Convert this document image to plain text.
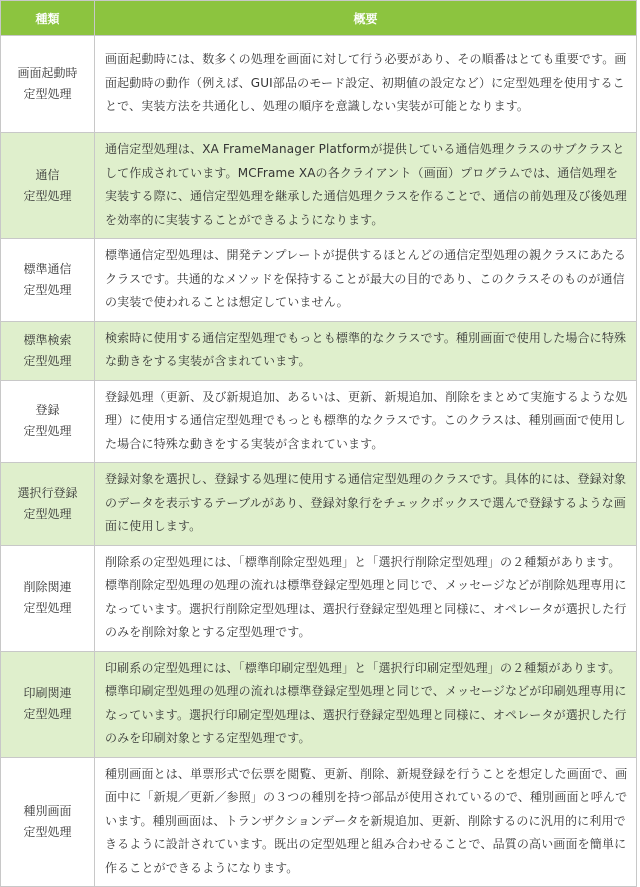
種類	概要
画面起動時
定型処理	画面起動時には、数多くの処理を画面に対して行う必要があり、その順番はとても重要です。画面起動時の動作（例えば、GUI部品のモード設定、初期値の設定など）に定型処理を使用することで、実装方法を共通化し、処理の順序を意識しない実装が可能となります。
通信
定型処理	通信定型処理は、XA FrameManager Platformが提供している通信処理クラスのサブクラスとして作成されています。MCFrame XAの各クライアント（画面）プログラムでは、通信処理を実装する際に、通信定型処理を継承した通信処理クラスを作ることで、通信の前処理及び後処理を効率的に実装することができるようになります。
標準通信
定型処理	標準通信定型処理は、開発テンプレートが提供するほとんどの通信定型処理の親クラスにあたるクラスです。共通的なメソッドを保持することが最大の目的であり、このクラスそのものが通信の実装で使われることは想定していません。
標準検索
定型処理	検索時に使用する通信定型処理でもっとも標準的なクラスです。種別画面で使用した場合に特殊な動きをする実装が含まれています。
登録
定型処理	登録処理（更新、及び新規追加、あるいは、更新、新規追加、削除をまとめて実施するような処理）に使用する通信定型処理でもっとも標準的なクラスです。このクラスは、種別画面で使用した場合に特殊な動きをする実装が含まれています。
選択行登録
定型処理	登録対象を選択し、登録する処理に使用する通信定型処理のクラスです。具体的には、登録対象のデータを表示するテーブルがあり、登録対象行をチェックボックスで選んで登録するような画面に使用します。
削除関連
定型処理	削除系の定型処理には、「標準削除定型処理」と「選択行削除定型処理」の２種類があります。標準削除定型処理の処理の流れは標準登録定型処理と同じで、メッセージなどが削除処理専用になっています。選択行削除定型処理は、選択行登録定型処理と同様に、オペレータが選択した行のみを削除対象とする定型処理です。
印刷関連
定型処理	印刷系の定型処理には、「標準印刷定型処理」と「選択行印刷定型処理」の２種類があります。標準印刷定型処理の処理の流れは標準登録定型処理と同じで、メッセージなどが印刷処理専用になっています。選択行印刷定型処理は、選択行登録定型処理と同様に、オペレータが選択した行のみを印刷対象とする定型処理です。
種別画面
定型処理	種別画面とは、単票形式で伝票を閲覧、更新、削除、新規登録を行うことを想定した画面で、画面中に「新規／更新／参照」の３つの種別を持つ部品が使用されているので、種別画面と呼んでいます。種別画面は、トランザクションデータを新規追加、更新、削除するのに汎用的に利用できるように設計されています。既出の定型処理と組み合わせることで、品質の高い画面を簡単に作ることができるようになります。
